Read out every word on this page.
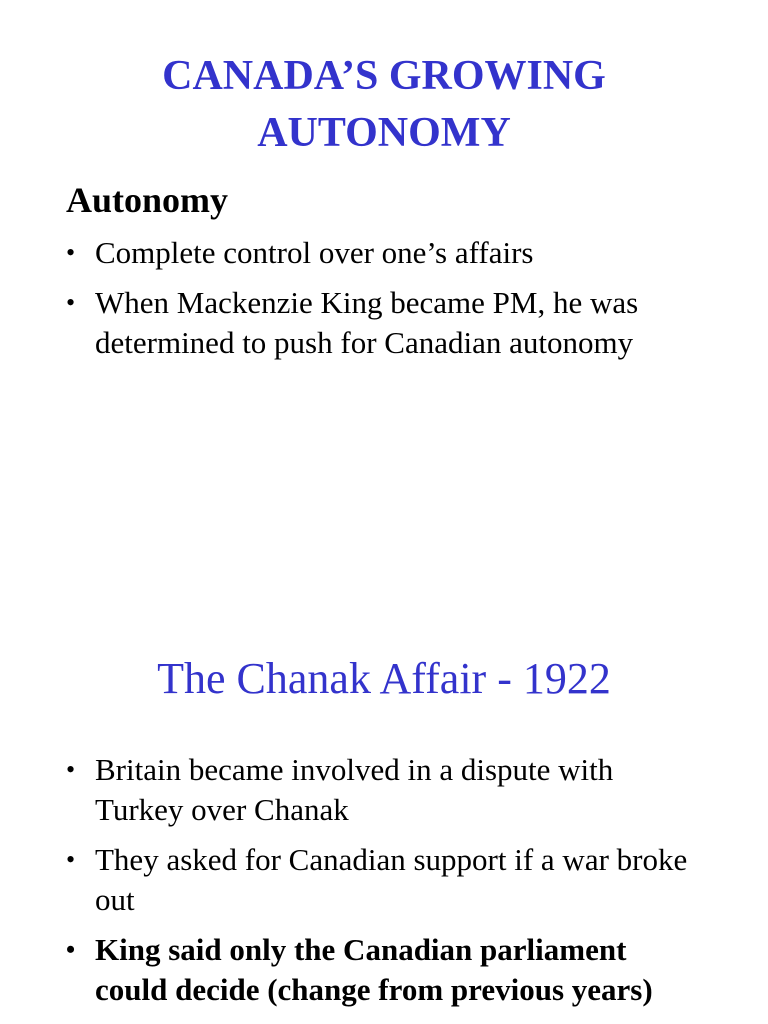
CANADA’S GROWING
AUTONOMY
Autonomy
• Complete control over one’s affairs
• When Mackenzie King became PM, he was determined to push for Canadian autonomy
The Chanak Affair - 1922
• Britain became involved in a dispute with Turkey over Chanak
• They asked for Canadian support if a war broke out
• King said only the Canadian parliament could decide (change from previous years)
